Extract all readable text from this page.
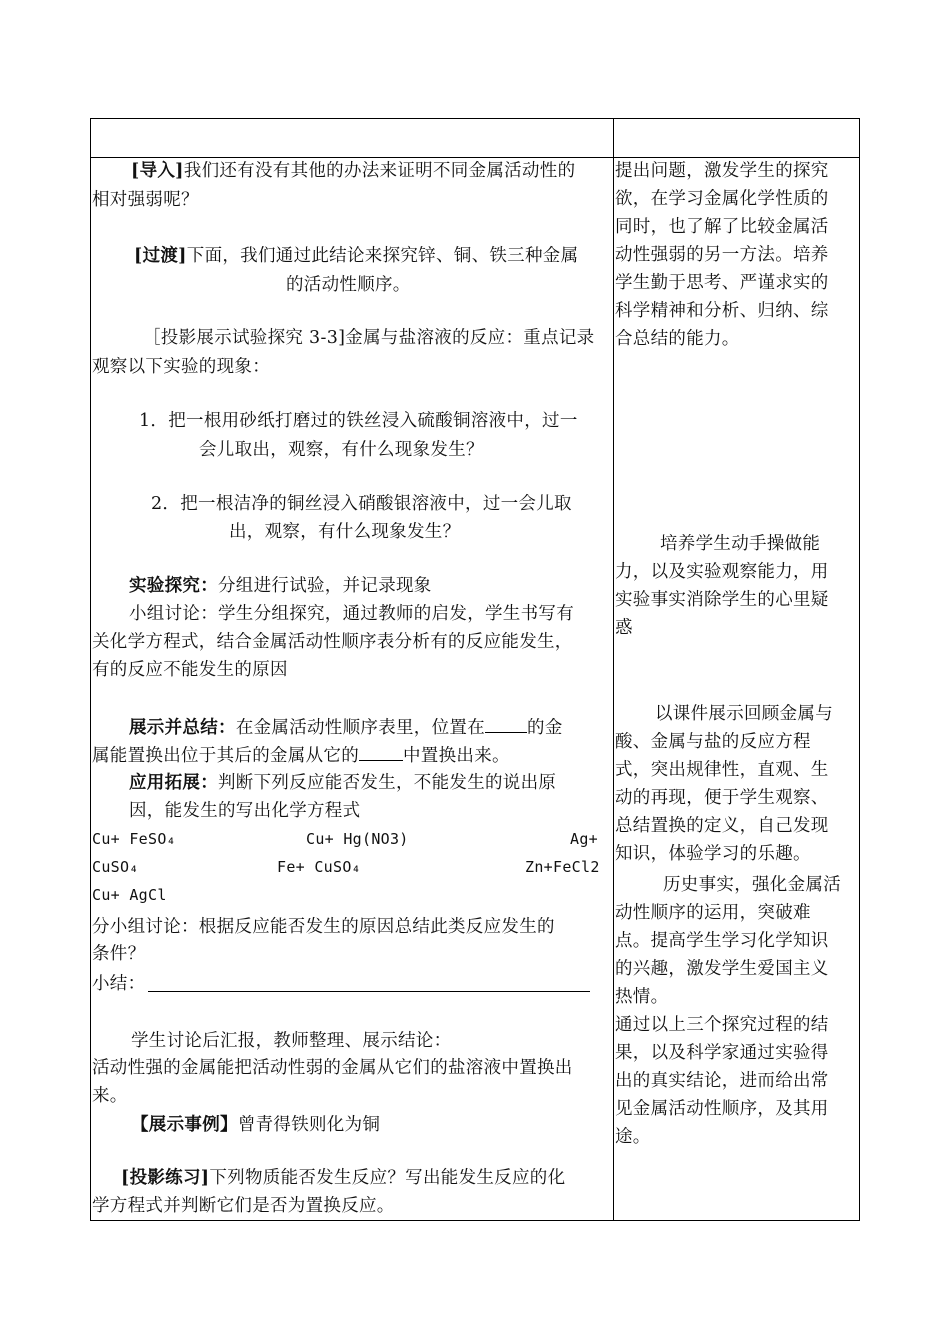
[导入]我们还有没有其他的办法来证明不同金属活动性的
相对强弱呢？
[过渡]下面，我们通过此结论来探究锌、铜、铁三种金属
的活动性顺序。
［投影展示试验探究 3-3]金属与盐溶液的反应：重点记录
观察以下实验的现象：
1．把一根用砂纸打磨过的铁丝浸入硫酸铜溶液中，过一
会儿取出，观察，有什么现象发生？
2．把一根洁净的铜丝浸入硝酸银溶液中，过一会儿取
出，观察，有什么现象发生？
实验探究：分组进行试验，并记录现象
小组讨论：学生分组探究，通过教师的启发，学生书写有
关化学方程式，结合金属活动性顺序表分析有的反应能发生，
有的反应不能发生的原因
展示并总结：在金属活动性顺序表里，位置在 的金
属能置换出位于其后的金属从它的	中置换出来。
应用拓展：判断下列反应能否发生，不能发生的说出原
因，能发生的写出化学方程式
Cu+ FeSO₄	Cu+ Hg(NO3)	Ag+
CuSO₄	Fe+ CuSO₄	Zn+FeCl2
Cu+ AgCl
分小组讨论：根据反应能否发生的原因总结此类反应发生的
条件？
小结：
学生讨论后汇报，教师整理、展示结论：
活动性强的金属能把活动性弱的金属从它们的盐溶液中置换出
来。
【展示事例】曾青得铁则化为铜
[投影练习]下列物质能否发生反应？写出能发生反应的化
学方程式并判断它们是否为置换反应。
提出问题，激发学生的探究
欲，在学习金属化学性质的
同时，也了解了比较金属活
动性强弱的另一方法。培养
学生勤于思考、严谨求实的
科学精神和分析、归纳、综
合总结的能力。
培养学生动手操做能
力，以及实验观察能力，用
实验事实消除学生的心里疑
惑
以课件展示回顾金属与
酸、金属与盐的反应方程
式，突出规律性，直观、生
动的再现，便于学生观察、
总结置换的定义，自己发现
知识，体验学习的乐趣。
历史事实，强化金属活
动性顺序的运用，突破难
点。提高学生学习化学知识
的兴趣，激发学生爱国主义
热情。
通过以上三个探究过程的结
果，以及科学家通过实验得
出的真实结论，进而给出常
见金属活动性顺序，及其用
途。
